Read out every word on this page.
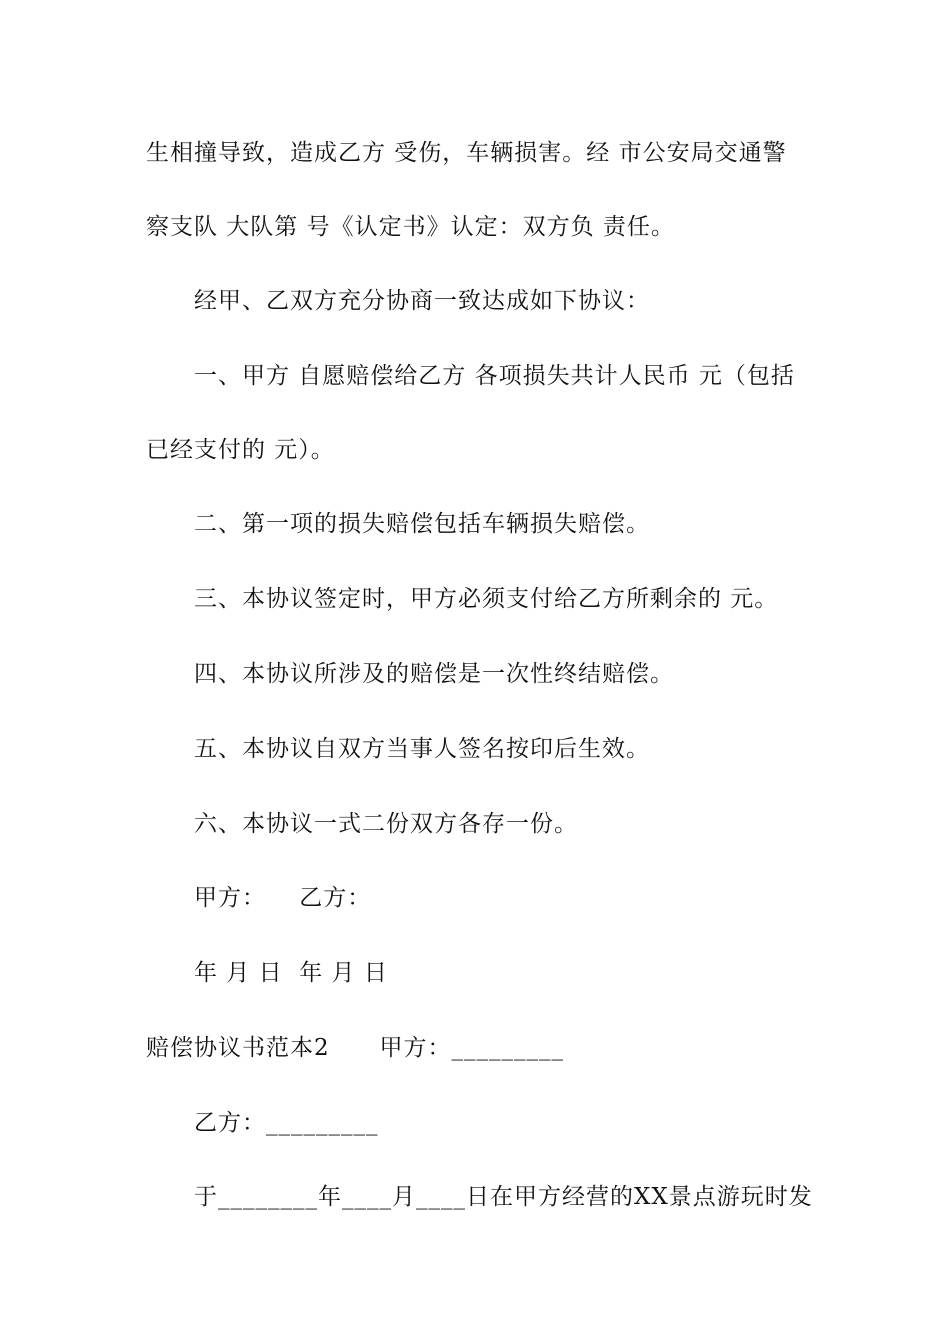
生相撞导致，造成乙方 受伤，车辆损害。经 市公安局交通警
察支队 大队第 号《认定书》认定：双方负 责任。
经甲、乙双方充分协商一致达成如下协议：
一、甲方 自愿赔偿给乙方 各项损失共计人民币 元（包括
已经支付的 元）。
二、第一项的损失赔偿包括车辆损失赔偿。
三、本协议签定时，甲方必须支付给乙方所剩余的 元。
四、本协议所涉及的赔偿是一次性终结赔偿。
五、本协议自双方当事人签名按印后生效。
六、本协议一式二份双方各存一份。
甲方：    乙方：
年 月 日  年 月 日
赔偿协议书范本2      甲方：_________
乙方：_________
于________年____月____日在甲方经营的XX景点游玩时发
